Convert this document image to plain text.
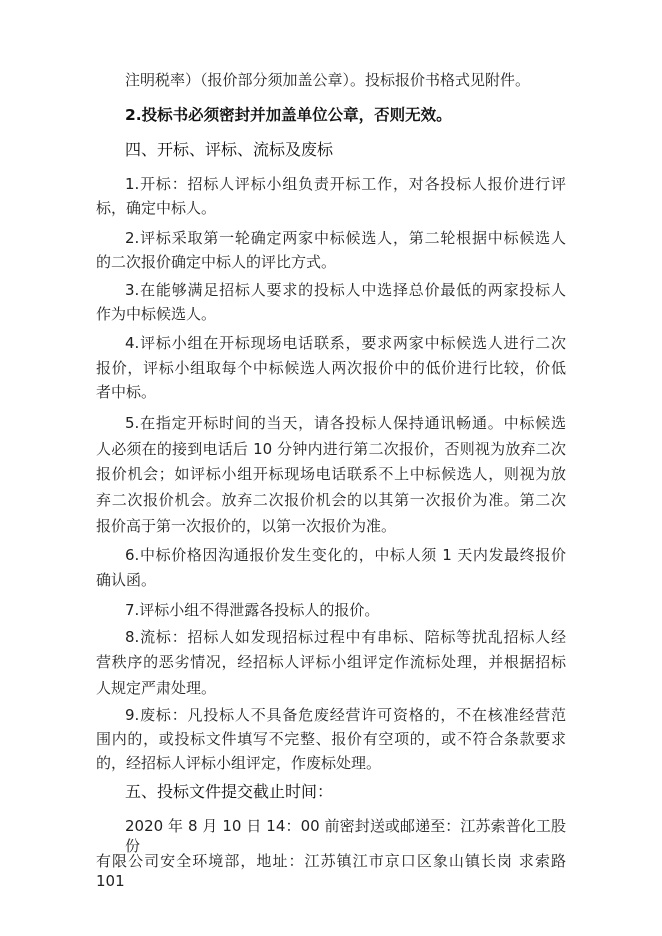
注明税率）（报价部分须加盖公章）。投标报价书格式见附件。
2.投标书必须密封并加盖单位公章，否则无效。
四、开标、评标、流标及废标
1.开标：招标人评标小组负责开标工作，对各投标人报价进行评
标，确定中标人。
2.评标采取第一轮确定两家中标候选人，第二轮根据中标候选人
的二次报价确定中标人的评比方式。
3.在能够满足招标人要求的投标人中选择总价最低的两家投标人
作为中标候选人。
4.评标小组在开标现场电话联系，要求两家中标候选人进行二次
报价，评标小组取每个中标候选人两次报价中的低价进行比较，价低
者中标。
5.在指定开标时间的当天，请各投标人保持通讯畅通。中标候选
人必须在的接到电话后 10 分钟内进行第二次报价，否则视为放弃二次
报价机会；如评标小组开标现场电话联系不上中标候选人，则视为放
弃二次报价机会。放弃二次报价机会的以其第一次报价为准。第二次
报价高于第一次报价的，以第一次报价为准。
6.中标价格因沟通报价发生变化的，中标人须 1 天内发最终报价
确认函。
7.评标小组不得泄露各投标人的报价。
8.流标：招标人如发现招标过程中有串标、陪标等扰乱招标人经
营秩序的恶劣情况，经招标人评标小组评定作流标处理，并根据招标
人规定严肃处理。
9.废标：凡投标人不具备危废经营许可资格的，不在核准经营范
围内的，或投标文件填写不完整、报价有空项的，或不符合条款要求
的，经招标人评标小组评定，作废标处理。
五、投标文件提交截止时间：
2020 年 8 月 10 日 14：00 前密封送或邮递至：江苏索普化工股份
有限公司安全环境部，地址：江苏镇江市京口区象山镇长岗 求索路 101
